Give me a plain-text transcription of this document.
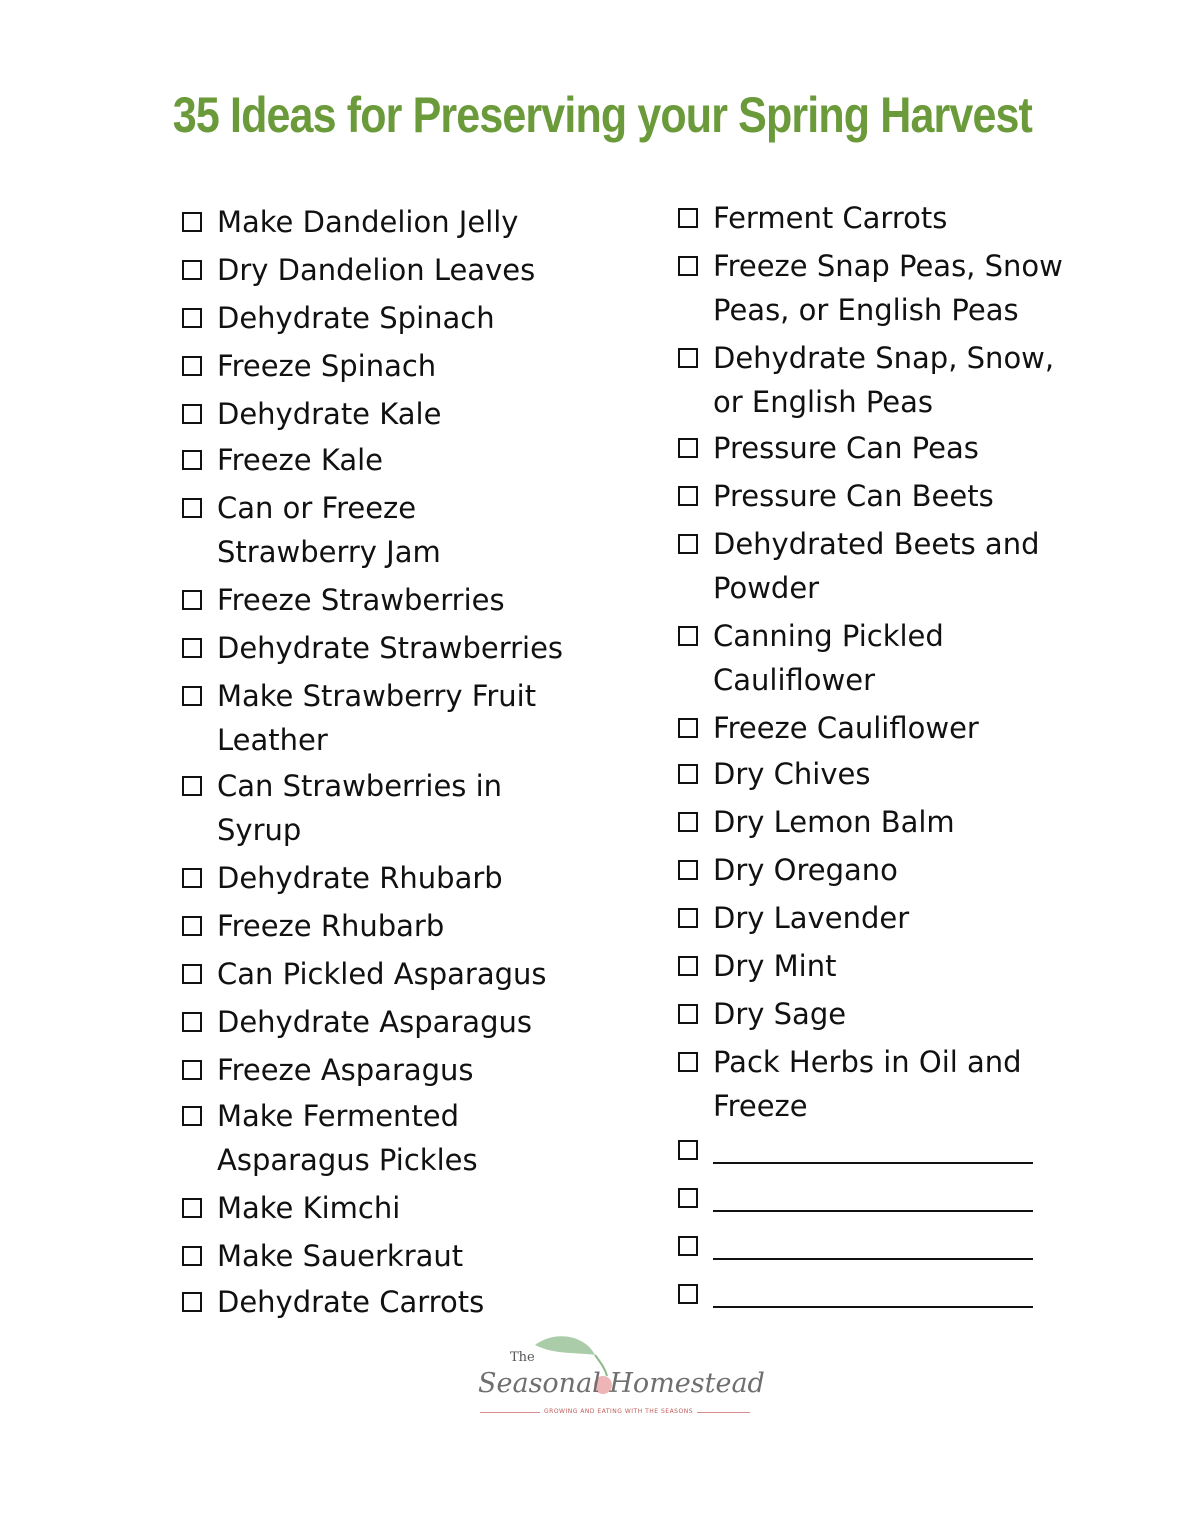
35 Ideas for Preserving your Spring Harvest
Make Dandelion Jelly
Dry Dandelion Leaves
Dehydrate Spinach
Freeze Spinach
Dehydrate Kale
Freeze Kale
Can or Freeze
Strawberry Jam
Freeze Strawberries
Dehydrate Strawberries
Make Strawberry Fruit
Leather
Can Strawberries in
Syrup
Dehydrate Rhubarb
Freeze Rhubarb
Can Pickled Asparagus
Dehydrate Asparagus
Freeze Asparagus
Make Fermented
Asparagus Pickles
Make Kimchi
Make Sauerkraut
Dehydrate Carrots
Ferment Carrots
Freeze Snap Peas, Snow
Peas, or English Peas
Dehydrate Snap, Snow,
or English Peas
Pressure Can Peas
Pressure Can Beets
Dehydrated Beets and
Powder
Canning Pickled
Cauliflower
Freeze Cauliflower
Dry Chives
Dry Lemon Balm
Dry Oregano
Dry Lavender
Dry Mint
Dry Sage
Pack Herbs in Oil and
Freeze
The
Seasonal Homestead
GROWING AND EATING WITH THE SEASONS
